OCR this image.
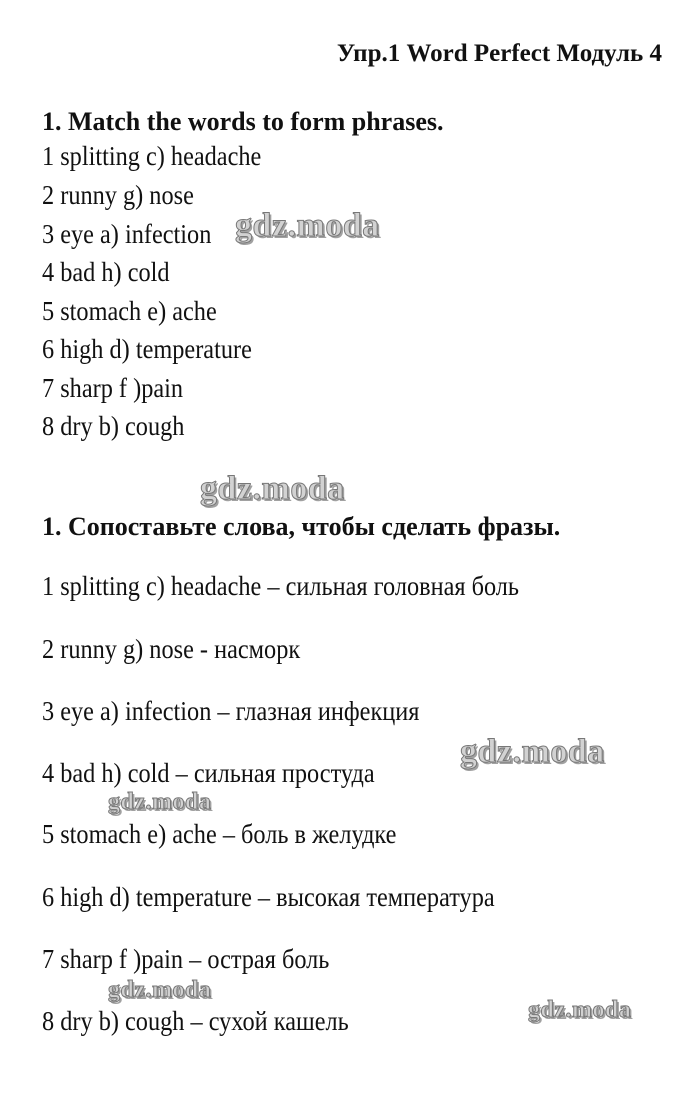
Упр.1 Word Perfect Модуль 4
1. Match the words to form phrases.
1 splitting c) headache
2 runny g) nose
3 eye a) infection
4 bad h) cold
5 stomach e) ache
6 high d) temperature
7 sharp f )pain
8 dry b) cough
1. Сопоставьте слова, чтобы сделать фразы.
1 splitting c) headache – сильная головная боль
2 runny g) nose - насморк
3 eye a) infection – глазная инфекция
4 bad h) cold – сильная простуда
5 stomach e) ache – боль в желудке
6 high d) temperature – высокая температура
7 sharp f )pain – острая боль
8 dry b) cough – сухой кашель
gdz.moda
gdz.moda
gdz.moda
gdz.moda
gdz.moda
gdz.moda
